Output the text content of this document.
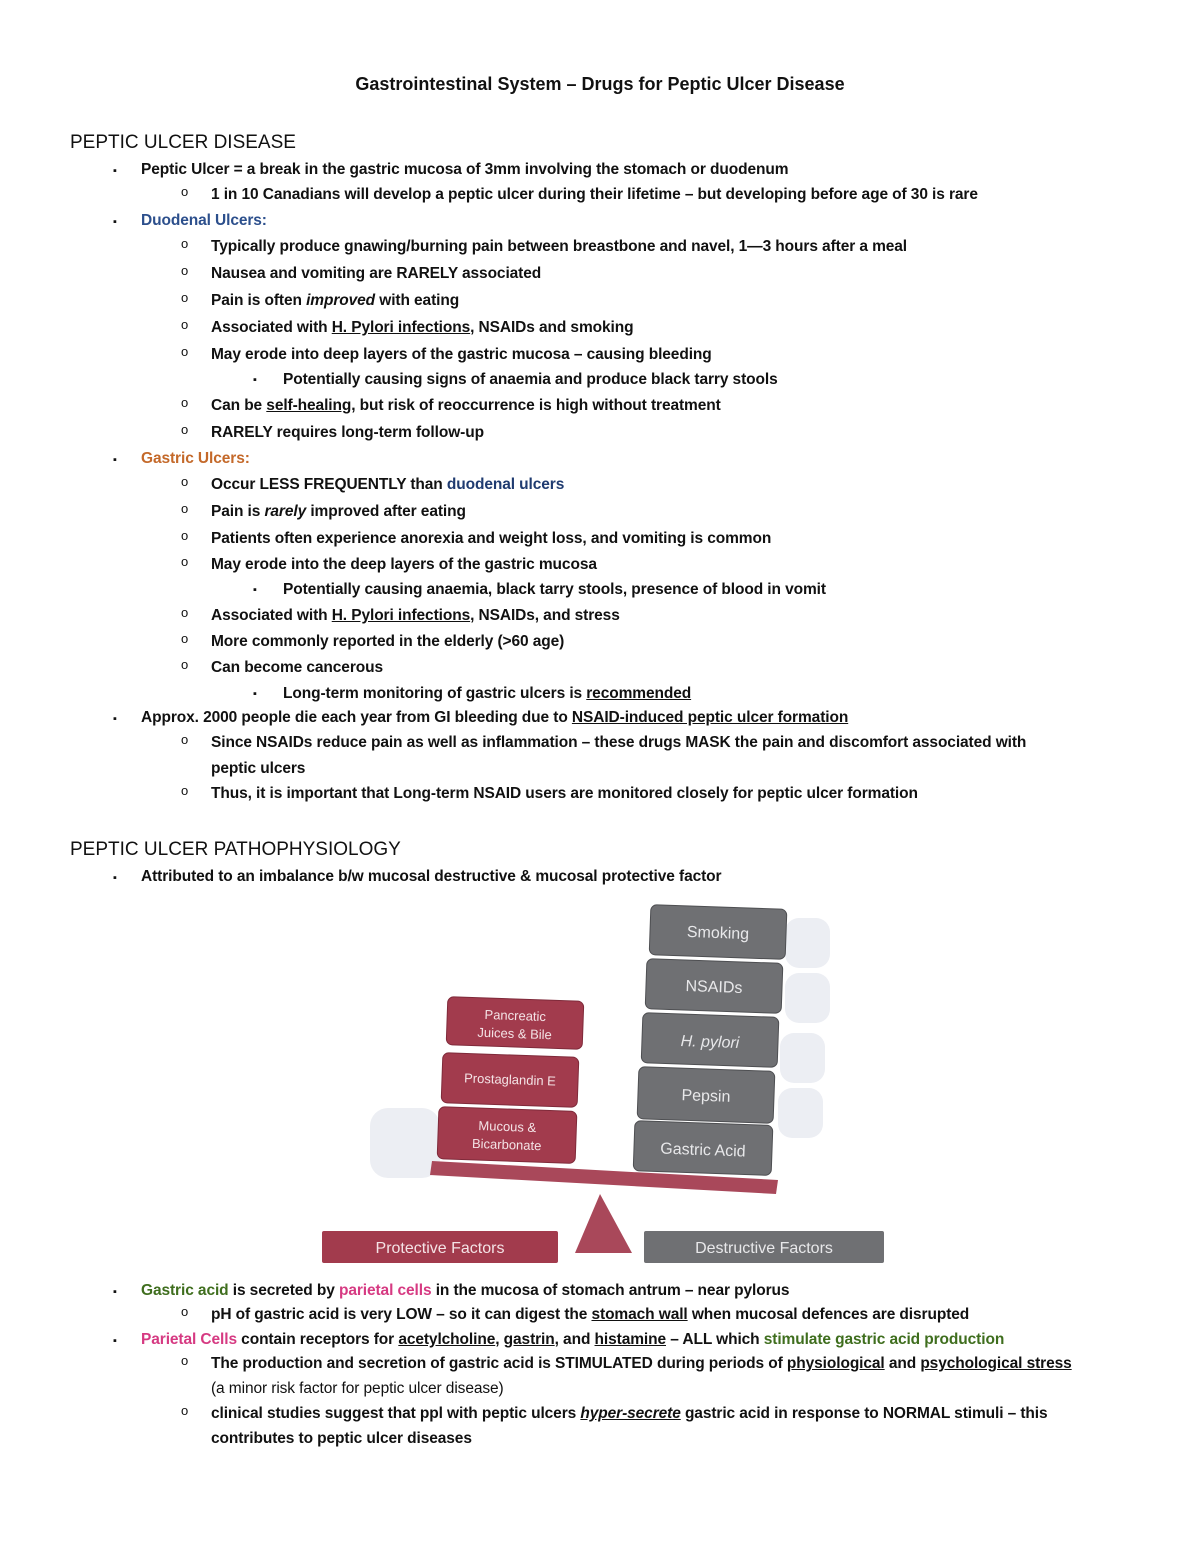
Gastrointestinal System – Drugs for Peptic Ulcer Disease
PEPTIC ULCER DISEASE
▪ Peptic Ulcer = a break in the gastric mucosa of 3mm involving the stomach or duodenum
o 1 in 10 Canadians will develop a peptic ulcer during their lifetime – but developing before age of 30 is rare
▪ Duodenal Ulcers:
o Typically produce gnawing/burning pain between breastbone and navel, 1—3 hours after a meal
o Nausea and vomiting are RARELY associated
o Pain is often improved with eating
o Associated with H. Pylori infections, NSAIDs and smoking
o May erode into deep layers of the gastric mucosa – causing bleeding
▪ Potentially causing signs of anaemia and produce black tarry stools
o Can be self-healing, but risk of reoccurrence is high without treatment
o RARELY requires long-term follow-up
▪ Gastric Ulcers:
o Occur LESS FREQUENTLY than duodenal ulcers
o Pain is rarely improved after eating
o Patients often experience anorexia and weight loss, and vomiting is common
o May erode into the deep layers of the gastric mucosa
▪ Potentially causing anaemia, black tarry stools, presence of blood in vomit
o Associated with H. Pylori infections, NSAIDs, and stress
o More commonly reported in the elderly (>60 age)
o Can become cancerous
▪ Long-term monitoring of gastric ulcers is recommended
▪ Approx. 2000 people die each year from GI bleeding due to NSAID-induced peptic ulcer formation
o Since NSAIDs reduce pain as well as inflammation – these drugs MASK the pain and discomfort associated with
peptic ulcers
o Thus, it is important that Long-term NSAID users are monitored closely for peptic ulcer formation
PEPTIC ULCER PATHOPHYSIOLOGY
▪ Attributed to an imbalance b/w mucosal destructive & mucosal protective factor
Smoking
NSAIDs
H. pylori
Pepsin
Gastric Acid
Pancreatic
Juices & Bile
Prostaglandin E
Mucous &
Bicarbonate
Protective Factors	Destructive Factors
▪ Gastric acid is secreted by parietal cells in the mucosa of stomach antrum – near pylorus
o pH of gastric acid is very LOW – so it can digest the stomach wall when mucosal defences are disrupted
▪ Parietal Cells contain receptors for acetylcholine, gastrin, and histamine – ALL which stimulate gastric acid production
o The production and secretion of gastric acid is STIMULATED during periods of physiological and psychological stress
(a minor risk factor for peptic ulcer disease)
o clinical studies suggest that ppl with peptic ulcers hyper-secrete gastric acid in response to NORMAL stimuli – this
contributes to peptic ulcer diseases
